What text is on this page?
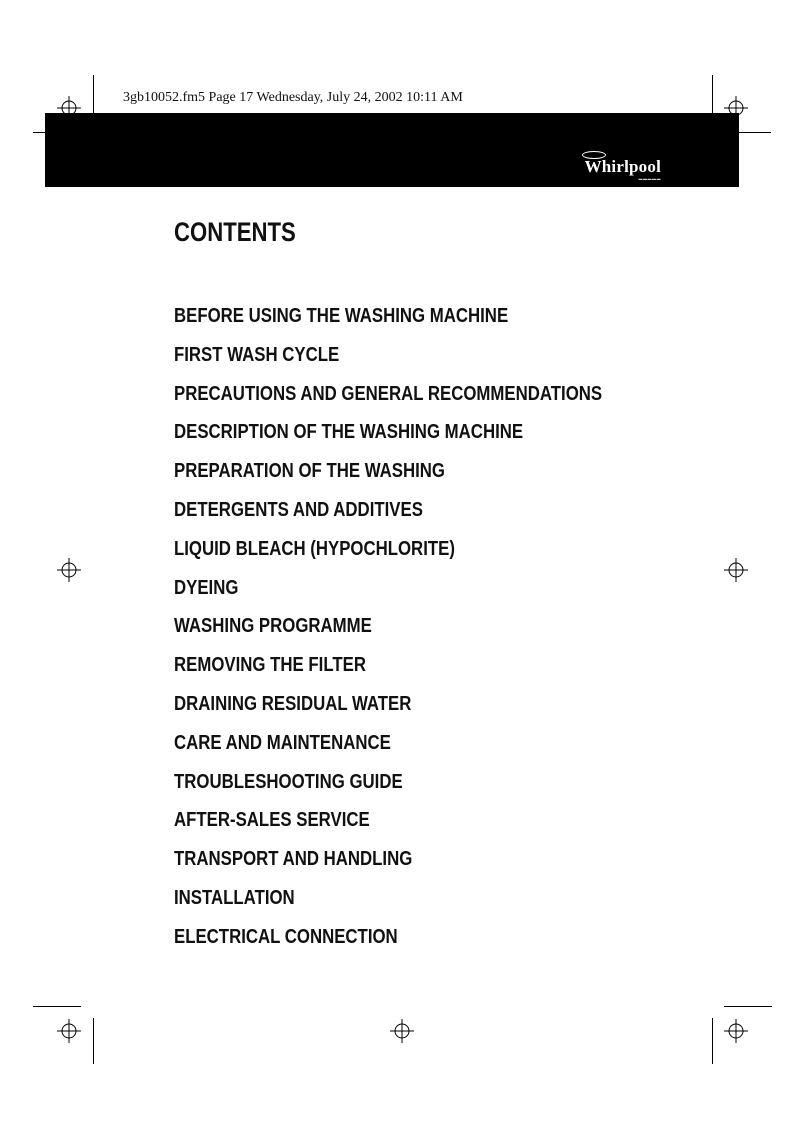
3gb10052.fm5 Page 17 Wednesday, July 24, 2002 10:11 AM
Whirlpool
▬▬▬▬▬
CONTENTS
BEFORE USING THE WASHING MACHINE
FIRST WASH CYCLE
PRECAUTIONS AND GENERAL RECOMMENDATIONS
DESCRIPTION OF THE WASHING MACHINE
PREPARATION OF THE WASHING
DETERGENTS AND ADDITIVES
LIQUID BLEACH (HYPOCHLORITE)
DYEING
WASHING PROGRAMME
REMOVING THE FILTER
DRAINING RESIDUAL WATER
CARE AND MAINTENANCE
TROUBLESHOOTING GUIDE
AFTER-SALES SERVICE
TRANSPORT AND HANDLING
INSTALLATION
ELECTRICAL CONNECTION
